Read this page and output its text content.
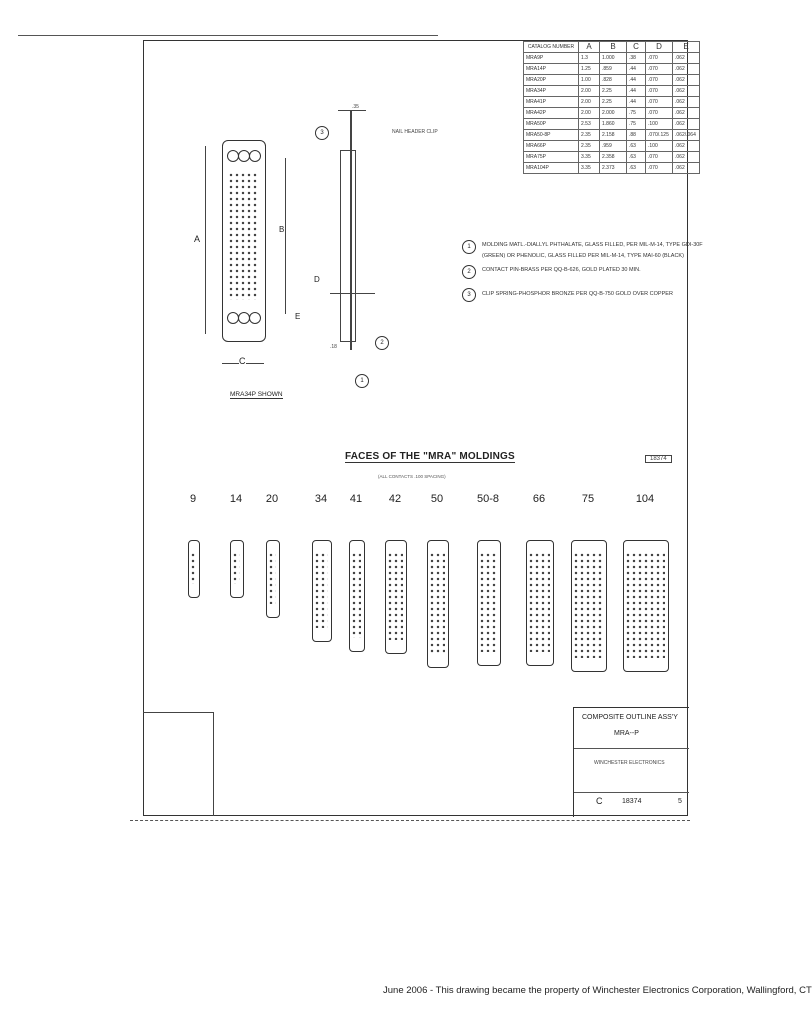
CATALOG NUMBER	A	B	C	D	E
MRA9P	1.3	1.000	.38	.070	.062
MRA14P	1.25	.859	.44	.070	.062
MRA20P	1.00	.828	.44	.070	.062
MRA34P	2.00	2.25	.44	.070	.062
MRA41P	2.00	2.25	.44	.070	.062
MRA42P	2.00	2.000	.75	.070	.062
MRA50P	2.53	1.860	.75	.100	.062
MRA50-8P	2.35	2.158	.88	.070/.125	.062/.064
MRA66P	2.35	.959	.63	.100	.062
MRA75P	3.35	2.358	.63	.070	.062
MRA104P	3.35	2.373	.63	.070	.062
1	MOLDING MATL.-DIALLYL PHTHALATE, GLASS FILLED, PER MIL-M-14, TYPE GDI-30F
(GREEN) OR PHENOLIC, GLASS FILLED PER MIL-M-14, TYPE MAI-60 (BLACK)
2	CONTACT PIN-BRASS PER QQ-B-626, GOLD PLATED 30 MIN.
3	CLIP SPRING-PHOSPHOR BRONZE PER QQ-B-750 GOLD OVER COPPER
A
B
C
E
MRA34P SHOWN
.35
NAIL HEADER CLIP
3
2
1
.18
D
FACES OF THE "MRA" MOLDINGS
(ALL CONTACTS .100 SPACING)
9	14	20	34	41	42	50	50-8	66	75	104
COMPOSITE OUTLINE ASS'Y
MRA--P
WINCHESTER ELECTRONICS
C	18374	5
18374
June 2006 - This drawing became the property of Winchester Electronics Corporation, Wallingford, CT
